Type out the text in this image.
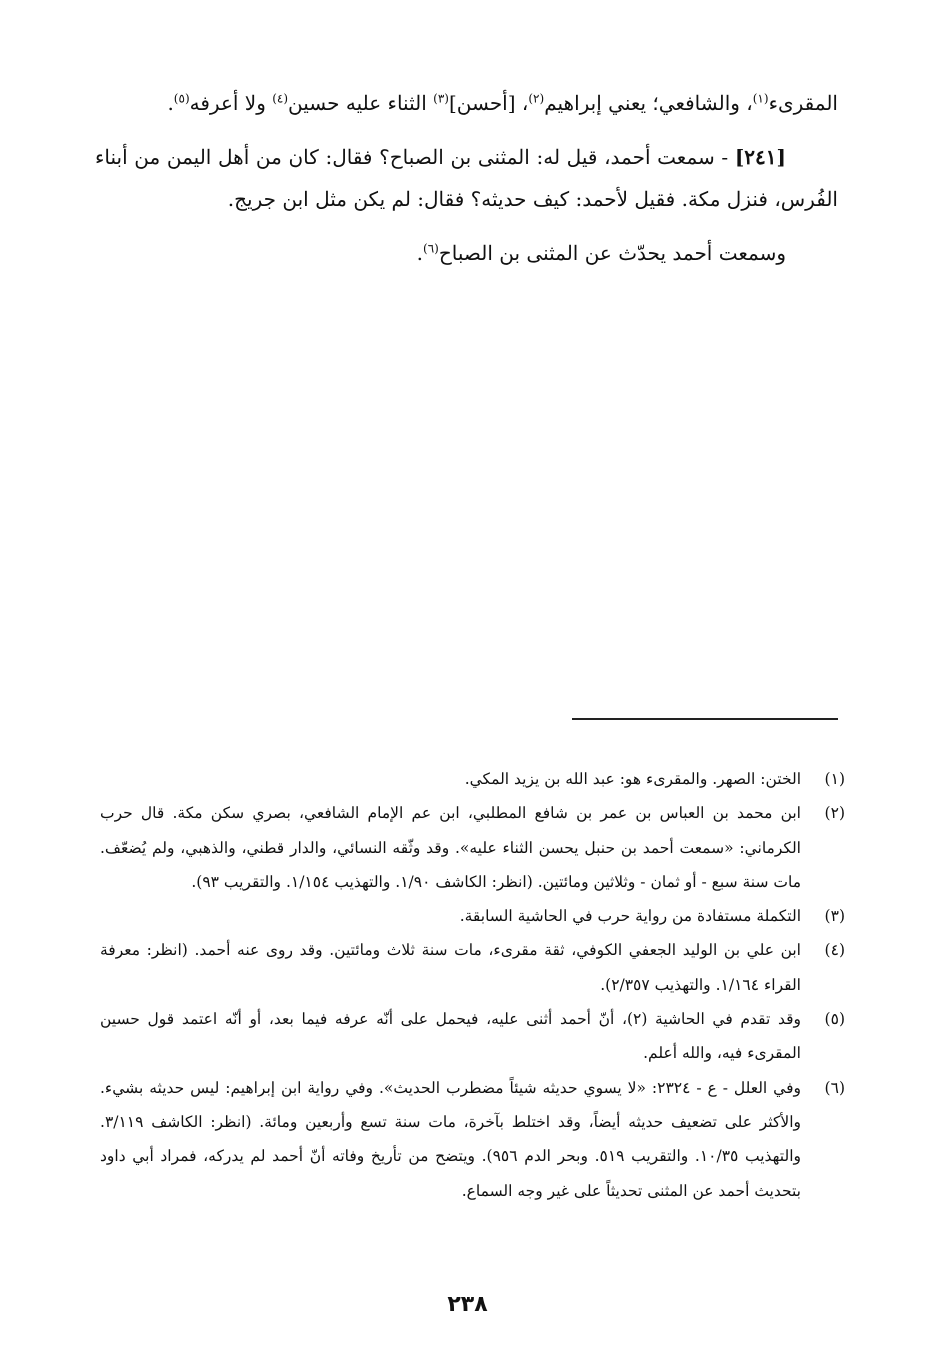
المقرىء$^{(١)}$، والشافعي؛ يعني إبراهيم$^{(٢)}$، [أحسن]$^{(٣)}$ الثناء عليه حسين$^{(٤)}$ ولا أعرفه$^{(٥)}$.

[٢٤١] - سمعت أحمد، قيل له: المثنى بن الصباح؟ فقال: كان من أهل اليمن من أبناء الفُرس، فنزل مكة. فقيل لأحمد: كيف حديثه؟ فقال: لم يكن مثل ابن جريج.

وسمعت أحمد يحدّث عن المثنى بن الصباح$^{(٦)}$.

(١)

الختن: الصهر. والمقرىء هو: عبد الله بن يزيد المكي.

(٢)

ابن محمد بن العباس بن عمر بن شافع المطلبي، ابن عم الإمام الشافعي، بصري سكن مكة. قال حرب الكرماني: «سمعت أحمد بن حنبل يحسن الثناء عليه». وقد وثّقه النسائي، والدار قطني، والذهبي، ولم يُضعّف. مات سنة سبع - أو ثمان - وثلاثين ومائتين. (انظر: الكاشف ١/٩٠. والتهذيب ١/١٥٤. والتقريب ٩٣).

(٣)

التكملة مستفادة من رواية حرب في الحاشية السابقة.

(٤)

ابن علي بن الوليد الجعفي الكوفي، ثقة مقرىء، مات سنة ثلاث ومائتين. وقد روى عنه أحمد. (انظر: معرفة القراء ١/١٦٤. والتهذيب ٢/٣٥٧).

(٥)

وقد تقدم في الحاشية (٢)، أنّ أحمد أثنى عليه، فيحمل على أنّه عرفه فيما بعد، أو أنّه اعتمد قول حسين المقرىء فيه، والله أعلم.

(٦)

وفي العلل - ع - ٢٣٢٤: «لا يسوي حديثه شيئاً مضطرب الحديث». وفي رواية ابن إبراهيم: ليس حديثه بشيء. والأكثر على تضعيف حديثه أيضاً، وقد اختلط بآخرة، مات سنة تسع وأربعين ومائة. (انظر: الكاشف ٣/١١٩. والتهذيب ١٠/٣٥. والتقريب ٥١٩. وبحر الدم ٩٥٦). ويتضح من تأريخ وفاته أنّ أحمد لم يدركه، فمراد أبي داود بتحديث أحمد عن المثنى تحديثاً على غير وجه السماع.

٢٣٨
